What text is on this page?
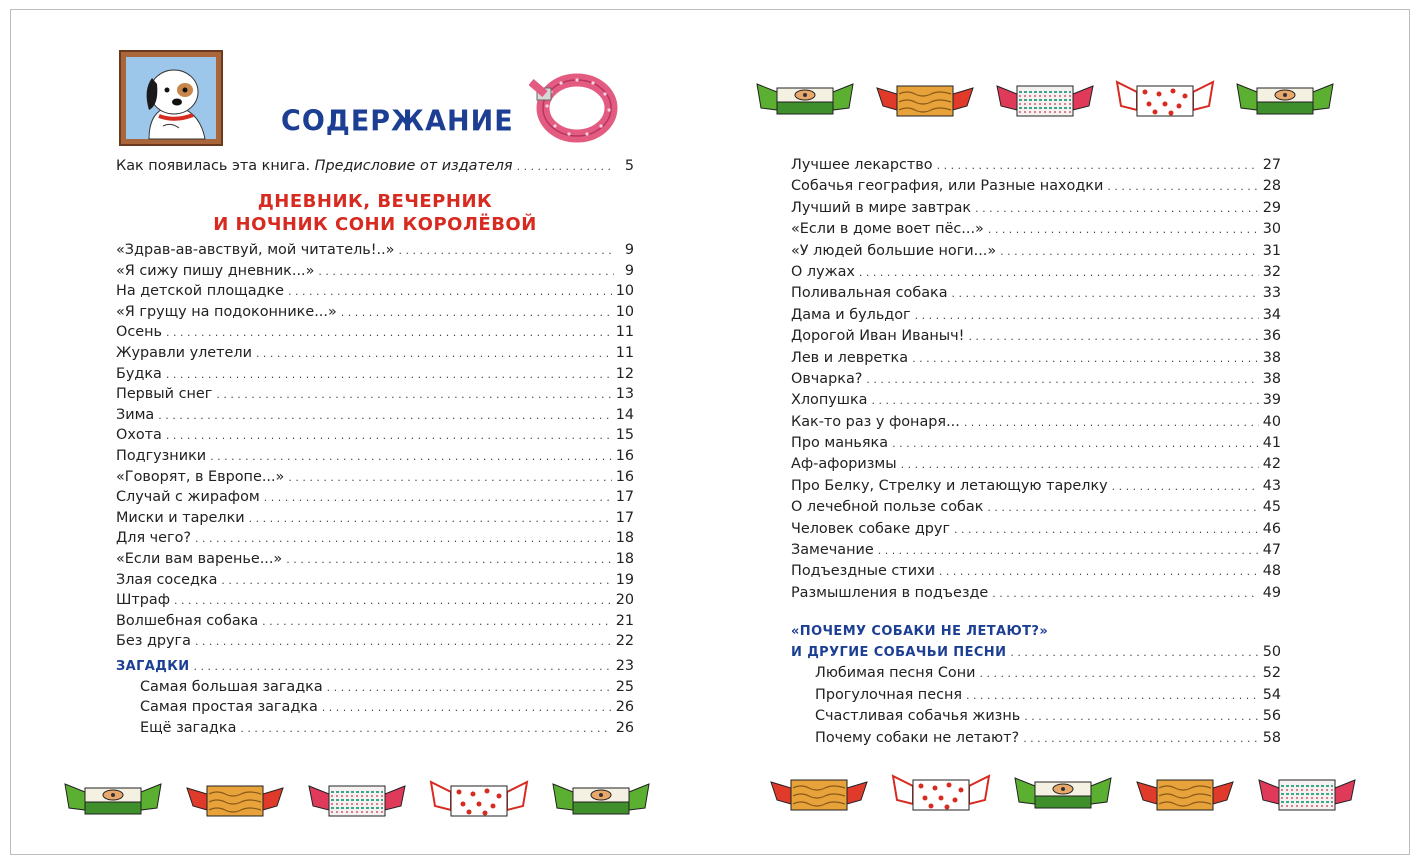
СОДЕРЖАНИЕ
Как появилась эта книга. Предисловие от издателя . . .	5
ДНЕВНИК, ВЕЧЕРНИК
И НОЧНИК СОНИ КОРОЛЁВОЙ
«Здрав-ав-авствуй, мой читатель!..» . . .	9
«Я сижу пишу дневник...» . . .	9
На детской площадке . . .	10
«Я грущу на подоконнике...» . . .	10
Осень . . .	11
Журавли улетели . . .	11
Будка . . .	12
Первый снег . . .	13
Зима . . .	14
Охота . . .	15
Подгузники . . .	16
«Говорят, в Европе...» . . .	16
Случай с жирафом . . .	17
Миски и тарелки . . .	17
Для чего? . . .	18
«Если вам варенье...» . . .	18
Злая соседка . . .	19
Штраф . . .	20
Волшебная собака . . .	21
Без друга . . .	22
ЗАГАДКИ . . .	23
Самая большая загадка . . .	25
Самая простая загадка . . .	26
Ещё загадка . . .	26
Лучшее лекарство . . .	27
Собачья география, или Разные находки . . .	28
Лучший в мире завтрак . . .	29
«Если в доме воет пёс...» . . .	30
«У людей большие ноги...» . . .	31
О лужах . . .	32
Поливальная собака . . .	33
Дама и бульдог . . .	34
Дорогой Иван Иваныч! . . .	36
Лев и левретка . . .	38
Овчарка? . . .	38
Хлопушка . . .	39
Как-то раз у фонаря... . . .	40
Про маньяка . . .	41
Аф-афоризмы . . .	42
Про Белку, Стрелку и летающую тарелку . . .	43
О лечебной пользе собак . . .	45
Человек собаке друг . . .	46
Замечание . . .	47
Подъездные стихи . . .	48
Размышления в подъезде . . .	49
«ПОЧЕМУ СОБАКИ НЕ ЛЕТАЮТ?»
И ДРУГИЕ СОБАЧЬИ ПЕСНИ . . .	50
Любимая песня Сони . . .	52
Прогулочная песня . . .	54
Счастливая собачья жизнь . . .	56
Почему собаки не летают? . . .	58
